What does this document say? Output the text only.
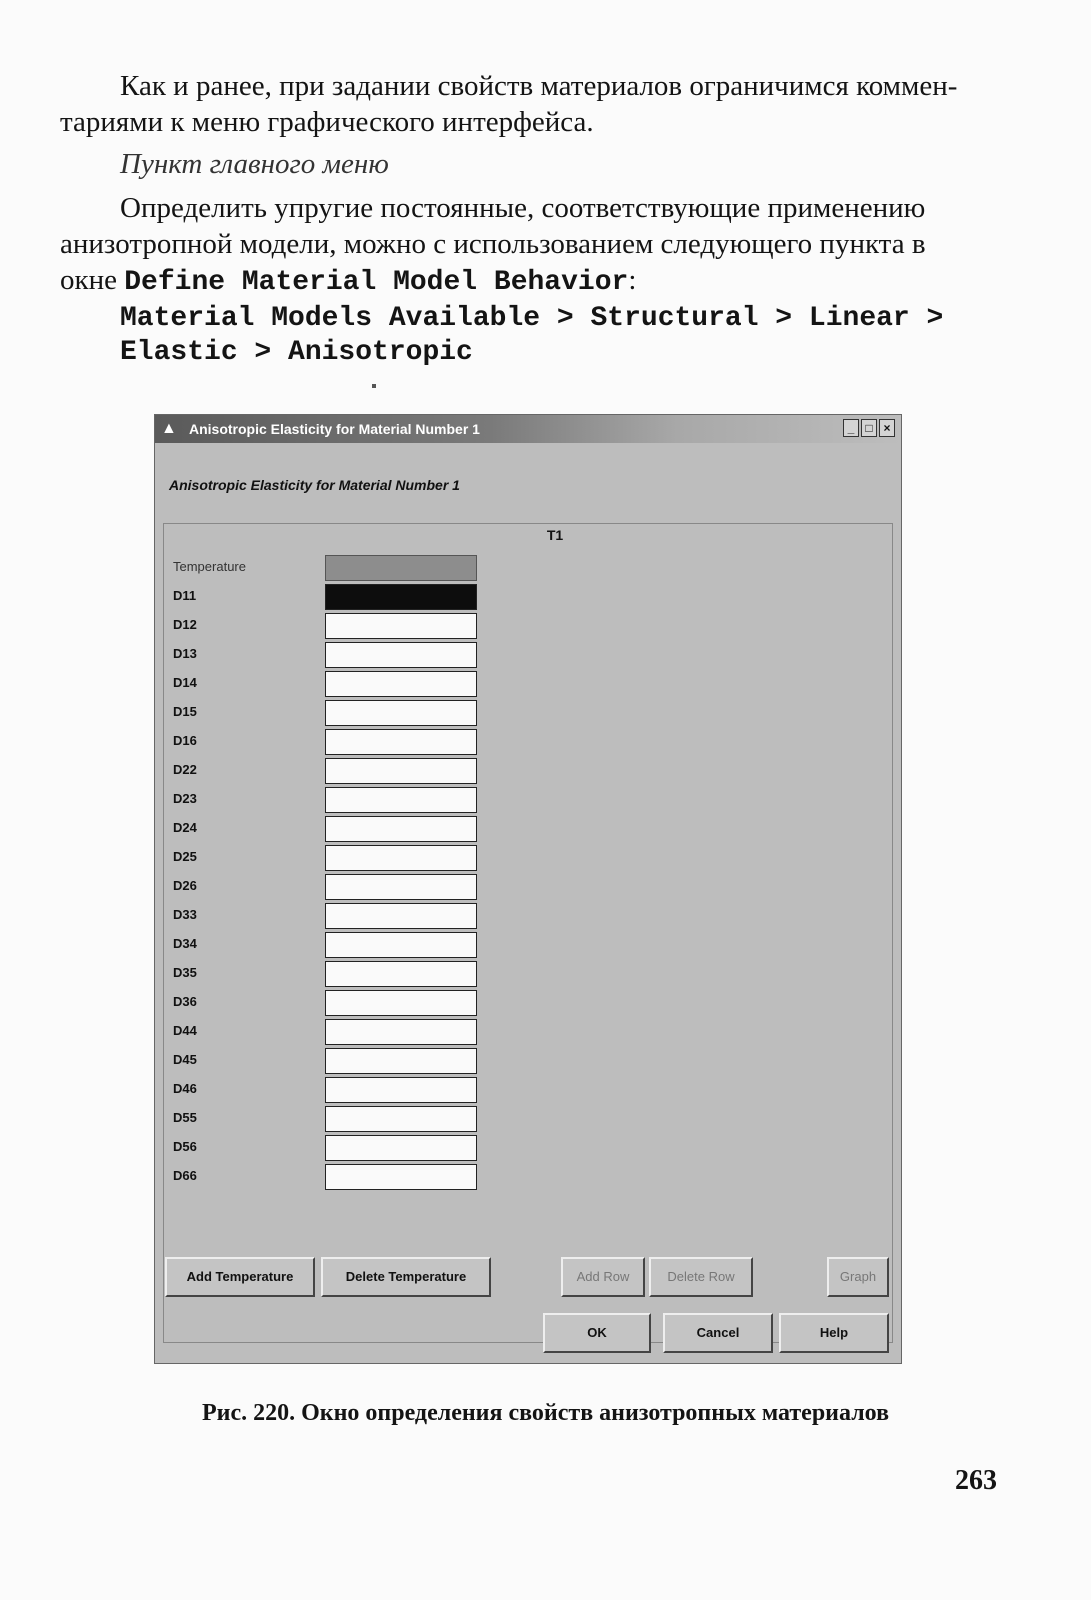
Как и ранее, при задании свойств материалов ограничимся коммен-
тариями к меню графического интерфейса.

Пункт главного меню

Определить упругие постоянные, соответствующие применению
анизотропной модели, можно с использованием следующего пункта в
окне Define Material Model Behavior:

Material Models Available > Structural > Linear >
Elastic > Anisotropic

▲ Anisotropic Elasticity for Material Number 1	_ □ ×
Anisotropic Elasticity for Material Number 1
T1
Temperature
D11
D12
D13
D14
D15
D16
D22
D23
D24
D25
D26
D33
D34
D35
D36
D44
D45
D46
D55
D56
D66
Add Temperature	Delete Temperature	Add Row	Delete Row	Graph
OK	Cancel	Help

Рис. 220. Окно определения свойств анизотропных материалов

263
